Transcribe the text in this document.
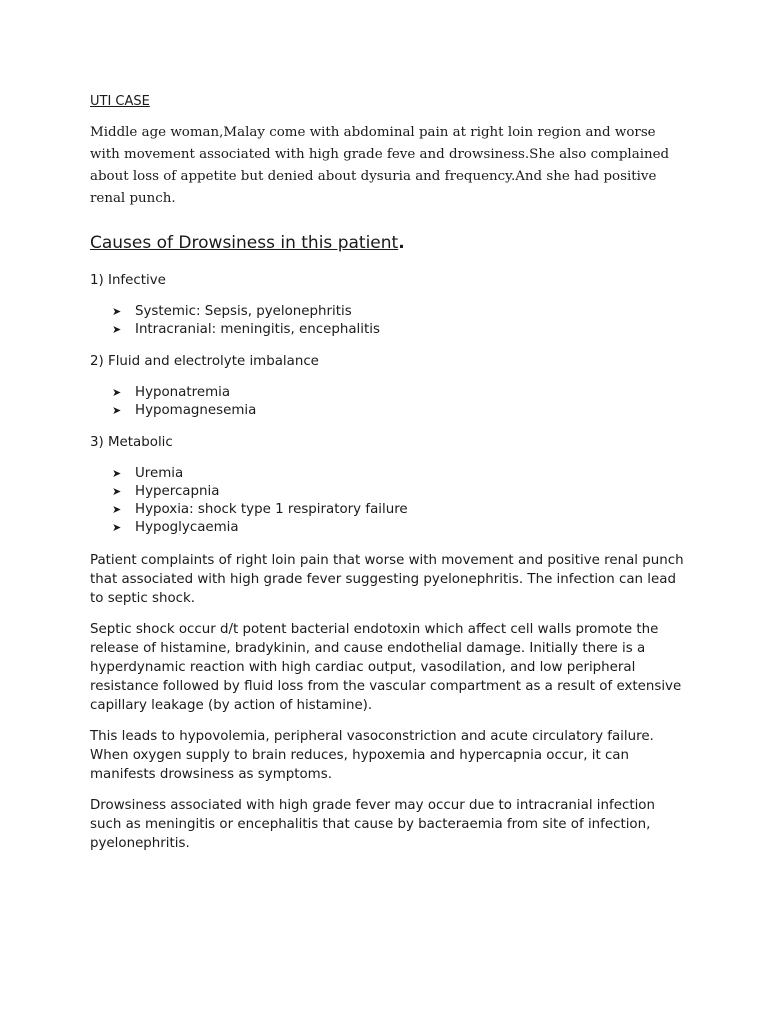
UTI CASE
Middle age woman,Malay come with abdominal pain at right loin region and worse with movement associated with high grade feve and drowsiness.She also complained about loss of appetite but denied about dysuria and frequency.And she had positive renal punch.
Causes of Drowsiness in this patient.
1) Infective
➤ Systemic: Sepsis, pyelonephritis
➤ Intracranial: meningitis, encephalitis
2) Fluid and electrolyte imbalance
➤ Hyponatremia
➤ Hypomagnesemia
3) Metabolic
➤ Uremia
➤ Hypercapnia
➤ Hypoxia: shock type 1 respiratory failure
➤ Hypoglycaemia

Patient complaints of right loin pain that worse with movement and positive renal punch that associated with high grade fever suggesting pyelonephritis. The infection can lead to septic shock.

Septic shock occur d/t potent bacterial endotoxin which affect cell walls promote the release of histamine, bradykinin, and cause endothelial damage. Initially there is a hyperdynamic reaction with high cardiac output, vasodilation, and low peripheral resistance followed by fluid loss from the vascular compartment as a result of extensive capillary leakage (by action of histamine).

This leads to hypovolemia, peripheral vasoconstriction and acute circulatory failure. When oxygen supply to brain reduces, hypoxemia and hypercapnia occur, it can manifests drowsiness as symptoms.

Drowsiness associated with high grade fever may occur due to intracranial infection such as meningitis or encephalitis that cause by bacteraemia from site of infection, pyelonephritis.
